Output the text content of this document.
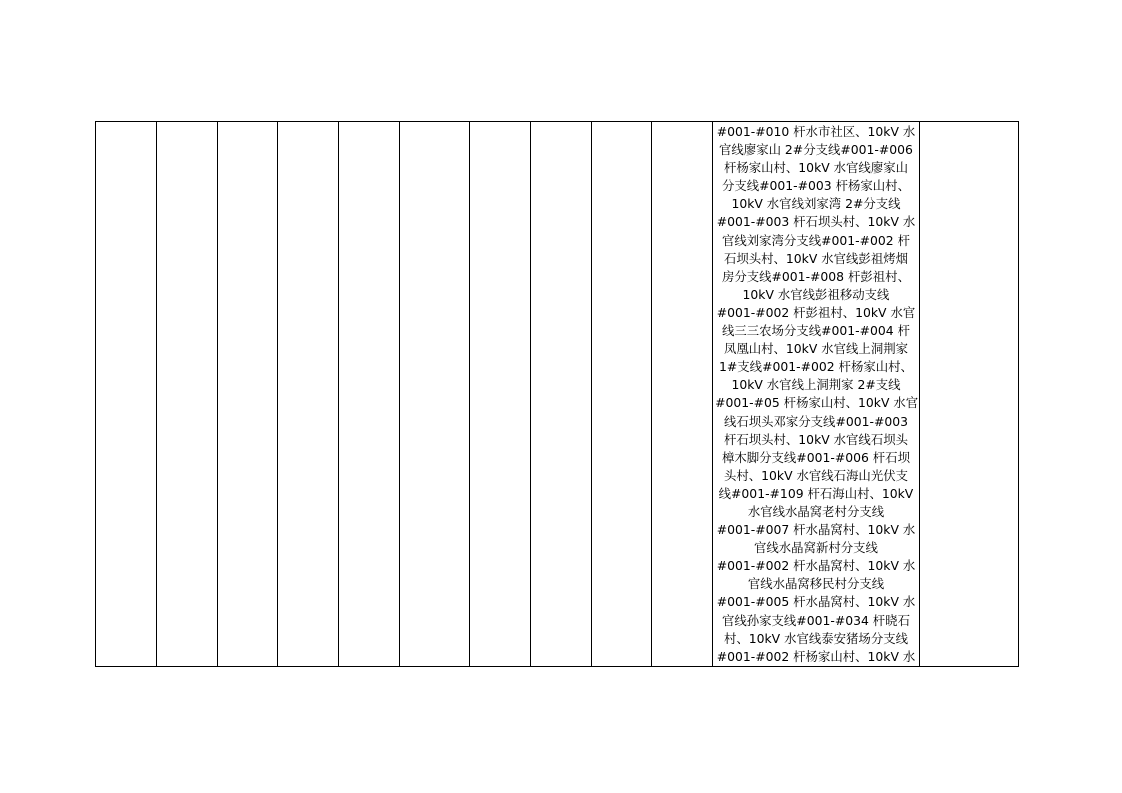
#001-#010 杆水市社区、10kV 水
官线廖家山 2#分支线#001-#006
杆杨家山村、10kV 水官线廖家山
分支线#001-#003 杆杨家山村、
10kV 水官线刘家湾 2#分支线
#001-#003 杆石坝头村、10kV 水
官线刘家湾分支线#001-#002 杆
石坝头村、10kV 水官线彭祖烤烟
房分支线#001-#008 杆彭祖村、
10kV 水官线彭祖移动支线
#001-#002 杆彭祖村、10kV 水官
线三三农场分支线#001-#004 杆
凤凰山村、10kV 水官线上洞荆家
1#支线#001-#002 杆杨家山村、
10kV 水官线上洞荆家 2#支线
#001-#05 杆杨家山村、10kV 水官
线石坝头邓家分支线#001-#003
杆石坝头村、10kV 水官线石坝头
樟木脚分支线#001-#006 杆石坝
头村、10kV 水官线石海山光伏支
线#001-#109 杆石海山村、10kV
水官线水晶窝老村分支线
#001-#007 杆水晶窝村、10kV 水
官线水晶窝新村分支线
#001-#002 杆水晶窝村、10kV 水
官线水晶窝移民村分支线
#001-#005 杆水晶窝村、10kV 水
官线孙家支线#001-#034 杆晓石
村、10kV 水官线泰安猪场分支线
#001-#002 杆杨家山村、10kV 水
